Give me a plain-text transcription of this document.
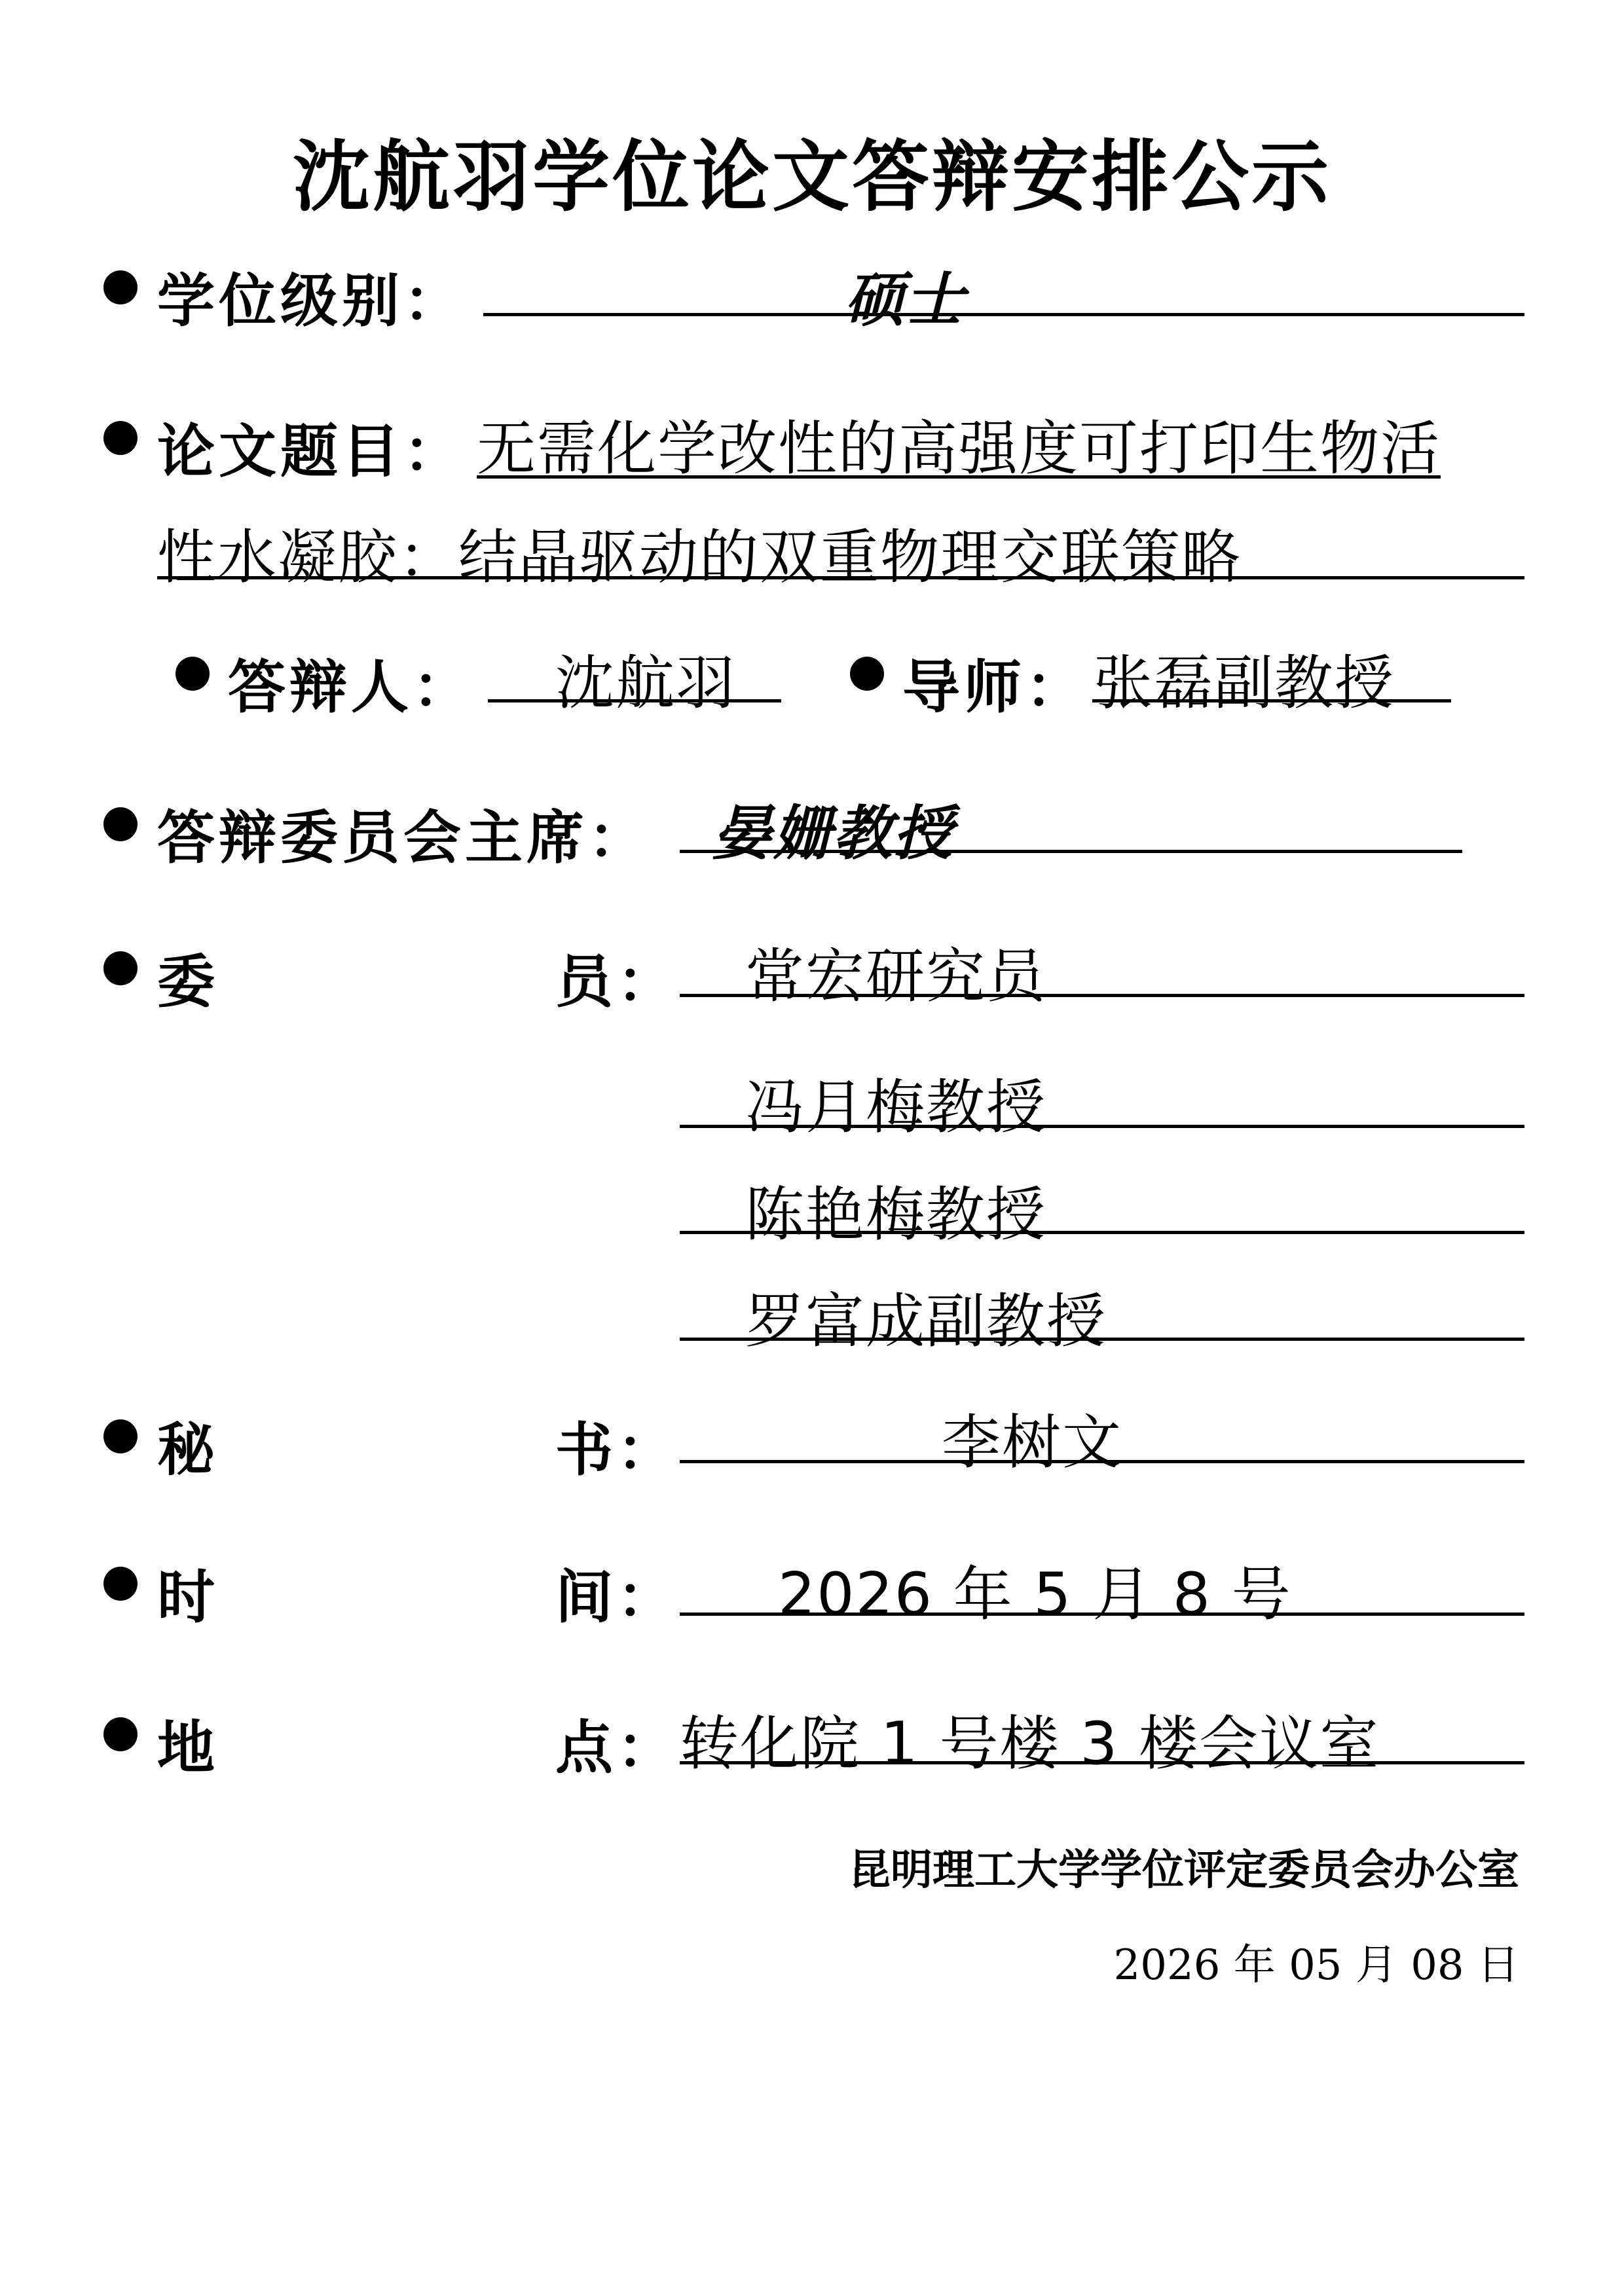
沈航羽学位论文答辩安排公示
学位级别：	硕士
论文题目： 无需化学改性的高强度可打印生物活
性水凝胶：结晶驱动的双重物理交联策略
答辩人： 沈航羽	导师： 张磊副教授
答辩委员会主席： 晏姗教授
委	员： 常宏研究员
冯月梅教授
陈艳梅教授
罗富成副教授
秘	书：	李树文
时	间： 2026 年 5 月 8 号
地	点： 转化院 1 号楼 3 楼会议室
昆明理工大学学位评定委员会办公室
2026 年 05 月 08 日
